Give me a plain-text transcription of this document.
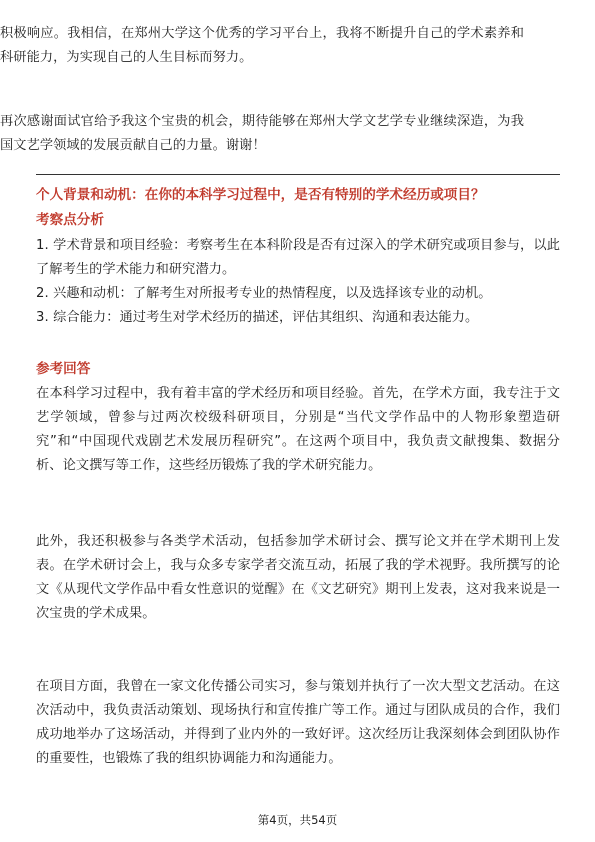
积极响应。我相信，在郑州大学这个优秀的学习平台上，我将不断提升自己的学术素养和科研能力，为实现自己的人生目标而努力。

再次感谢面试官给予我这个宝贵的机会，期待能够在郑州大学文艺学专业继续深造，为我国文艺学领域的发展贡献自己的力量。谢谢！

个人背景和动机：在你的本科学习过程中，是否有特别的学术经历或项目？
考察点分析

1. 学术背景和项目经验：考察考生在本科阶段是否有过深入的学术研究或项目参与，以此了解考生的学术能力和研究潜力。

2. 兴趣和动机：了解考生对所报考专业的热情程度，以及选择该专业的动机。

3. 综合能力：通过考生对学术经历的描述，评估其组织、沟通和表达能力。

参考回答

在本科学习过程中，我有着丰富的学术经历和项目经验。首先，在学术方面，我专注于文艺学领域，曾参与过两次校级科研项目，分别是“当代文学作品中的人物形象塑造研究”和“中国现代戏剧艺术发展历程研究”。在这两个项目中，我负责文献搜集、数据分析、论文撰写等工作，这些经历锻炼了我的学术研究能力。

此外，我还积极参与各类学术活动，包括参加学术研讨会、撰写论文并在学术期刊上发表。在学术研讨会上，我与众多专家学者交流互动，拓展了我的学术视野。我所撰写的论文《从现代文学作品中看女性意识的觉醒》在《文艺研究》期刊上发表，这对我来说是一次宝贵的学术成果。

在项目方面，我曾在一家文化传播公司实习，参与策划并执行了一次大型文艺活动。在这次活动中，我负责活动策划、现场执行和宣传推广等工作。通过与团队成员的合作，我们成功地举办了这场活动，并得到了业内外的一致好评。这次经历让我深刻体会到团队协作的重要性，也锻炼了我的组织协调能力和沟通能力。

第4页，共54页
